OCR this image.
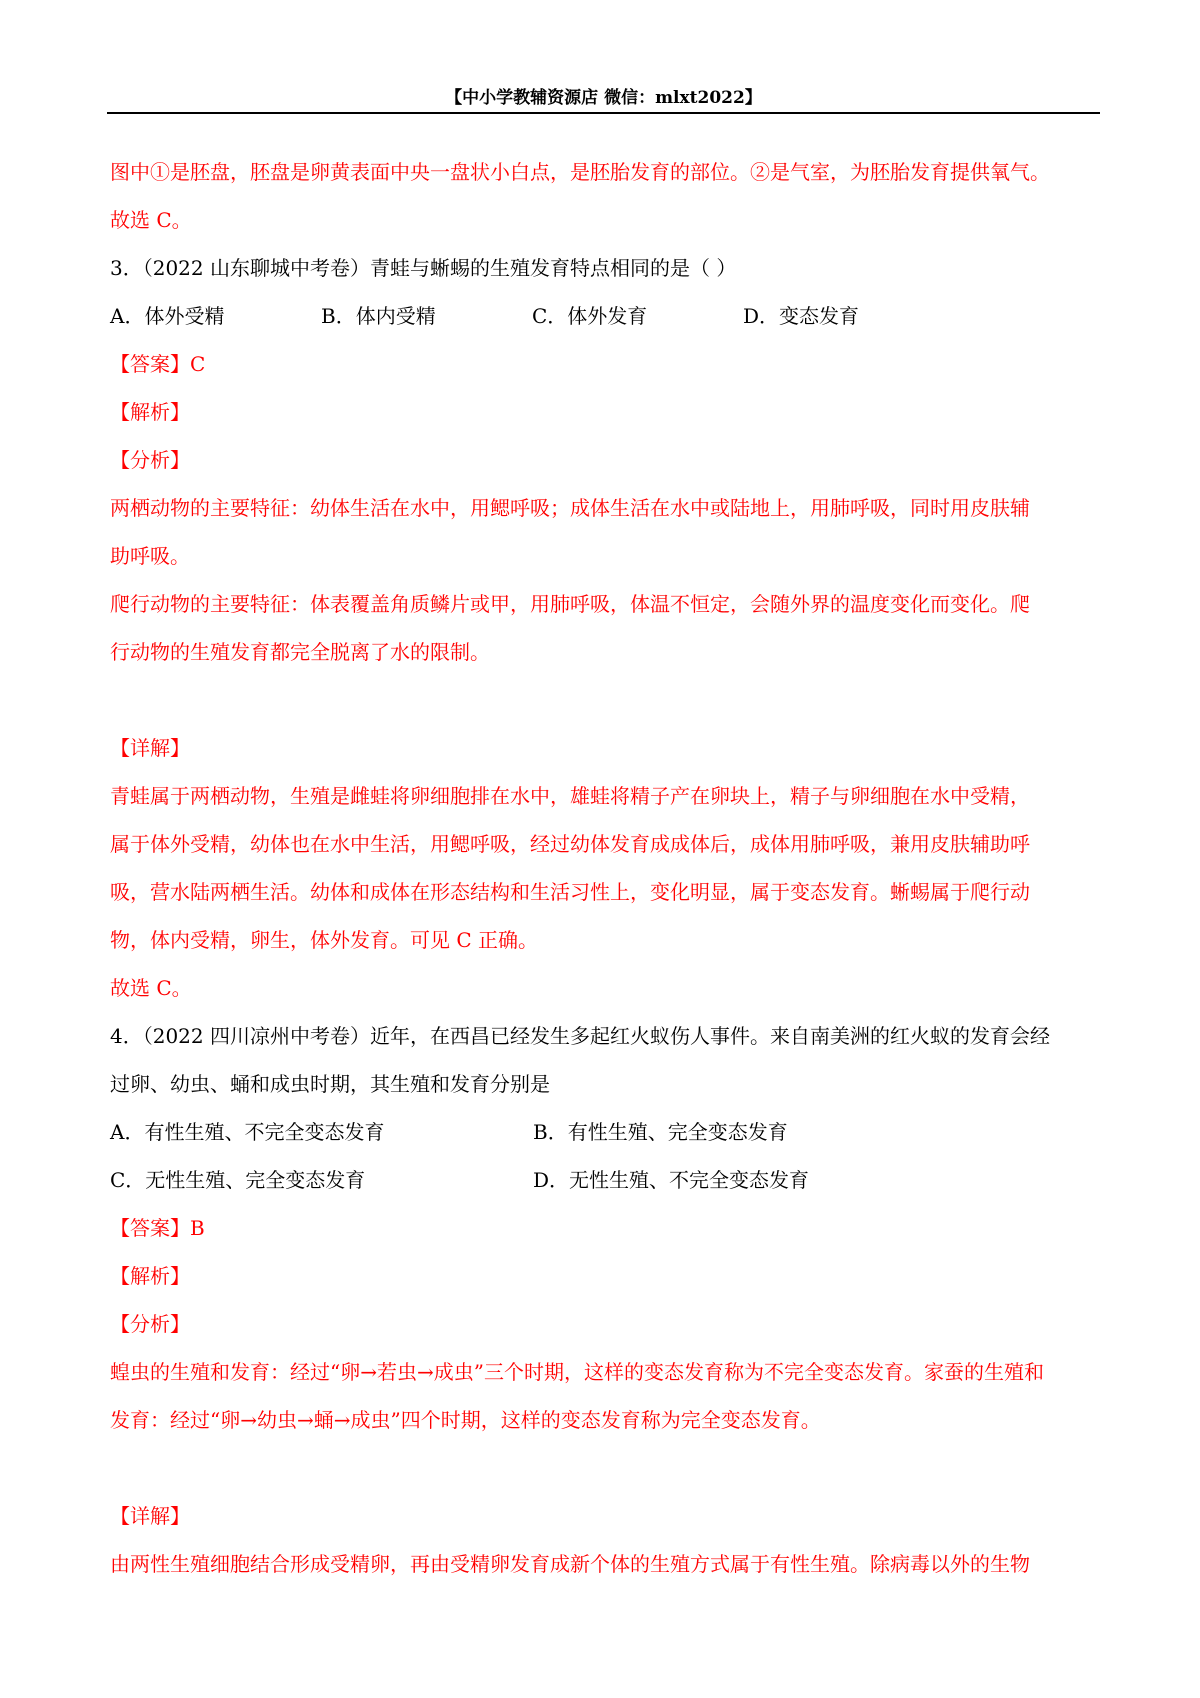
【中小学教辅资源店 微信：mlxt2022】
图中①是胚盘，胚盘是卵黄表面中央一盘状小白点，是胚胎发育的部位。②是气室，为胚胎发育提供氧气。
故选 C。
3．（2022 山东聊城中考卷）青蛙与蜥蜴的生殖发育特点相同的是（ ）
A．体外受精	B．体内受精	C．体外发育	D．变态发育
【答案】C
【解析】
【分析】
两栖动物的主要特征：幼体生活在水中，用鳃呼吸；成体生活在水中或陆地上，用肺呼吸，同时用皮肤辅
助呼吸。
爬行动物的主要特征：体表覆盖角质鳞片或甲，用肺呼吸，体温不恒定，会随外界的温度变化而变化。爬
行动物的生殖发育都完全脱离了水的限制。
【详解】
青蛙属于两栖动物，生殖是雌蛙将卵细胞排在水中，雄蛙将精子产在卵块上，精子与卵细胞在水中受精，
属于体外受精，幼体也在水中生活，用鳃呼吸，经过幼体发育成成体后，成体用肺呼吸，兼用皮肤辅助呼
吸，营水陆两栖生活。幼体和成体在形态结构和生活习性上，变化明显，属于变态发育。蜥蜴属于爬行动
物，体内受精，卵生，体外发育。可见 C 正确。
故选 C。
4．（2022 四川凉州中考卷）近年，在西昌已经发生多起红火蚁伤人事件。来自南美洲的红火蚁的发育会经
过卵、幼虫、蛹和成虫时期，其生殖和发育分别是
A．有性生殖、不完全变态发育	B．有性生殖、完全变态发育
C．无性生殖、完全变态发育	D．无性生殖、不完全变态发育
【答案】B
【解析】
【分析】
蝗虫的生殖和发育：经过“卵→若虫→成虫”三个时期，这样的变态发育称为不完全变态发育。家蚕的生殖和
发育：经过“卵→幼虫→蛹→成虫”四个时期，这样的变态发育称为完全变态发育。
【详解】
由两性生殖细胞结合形成受精卵，再由受精卵发育成新个体的生殖方式属于有性生殖。除病毒以外的生物
